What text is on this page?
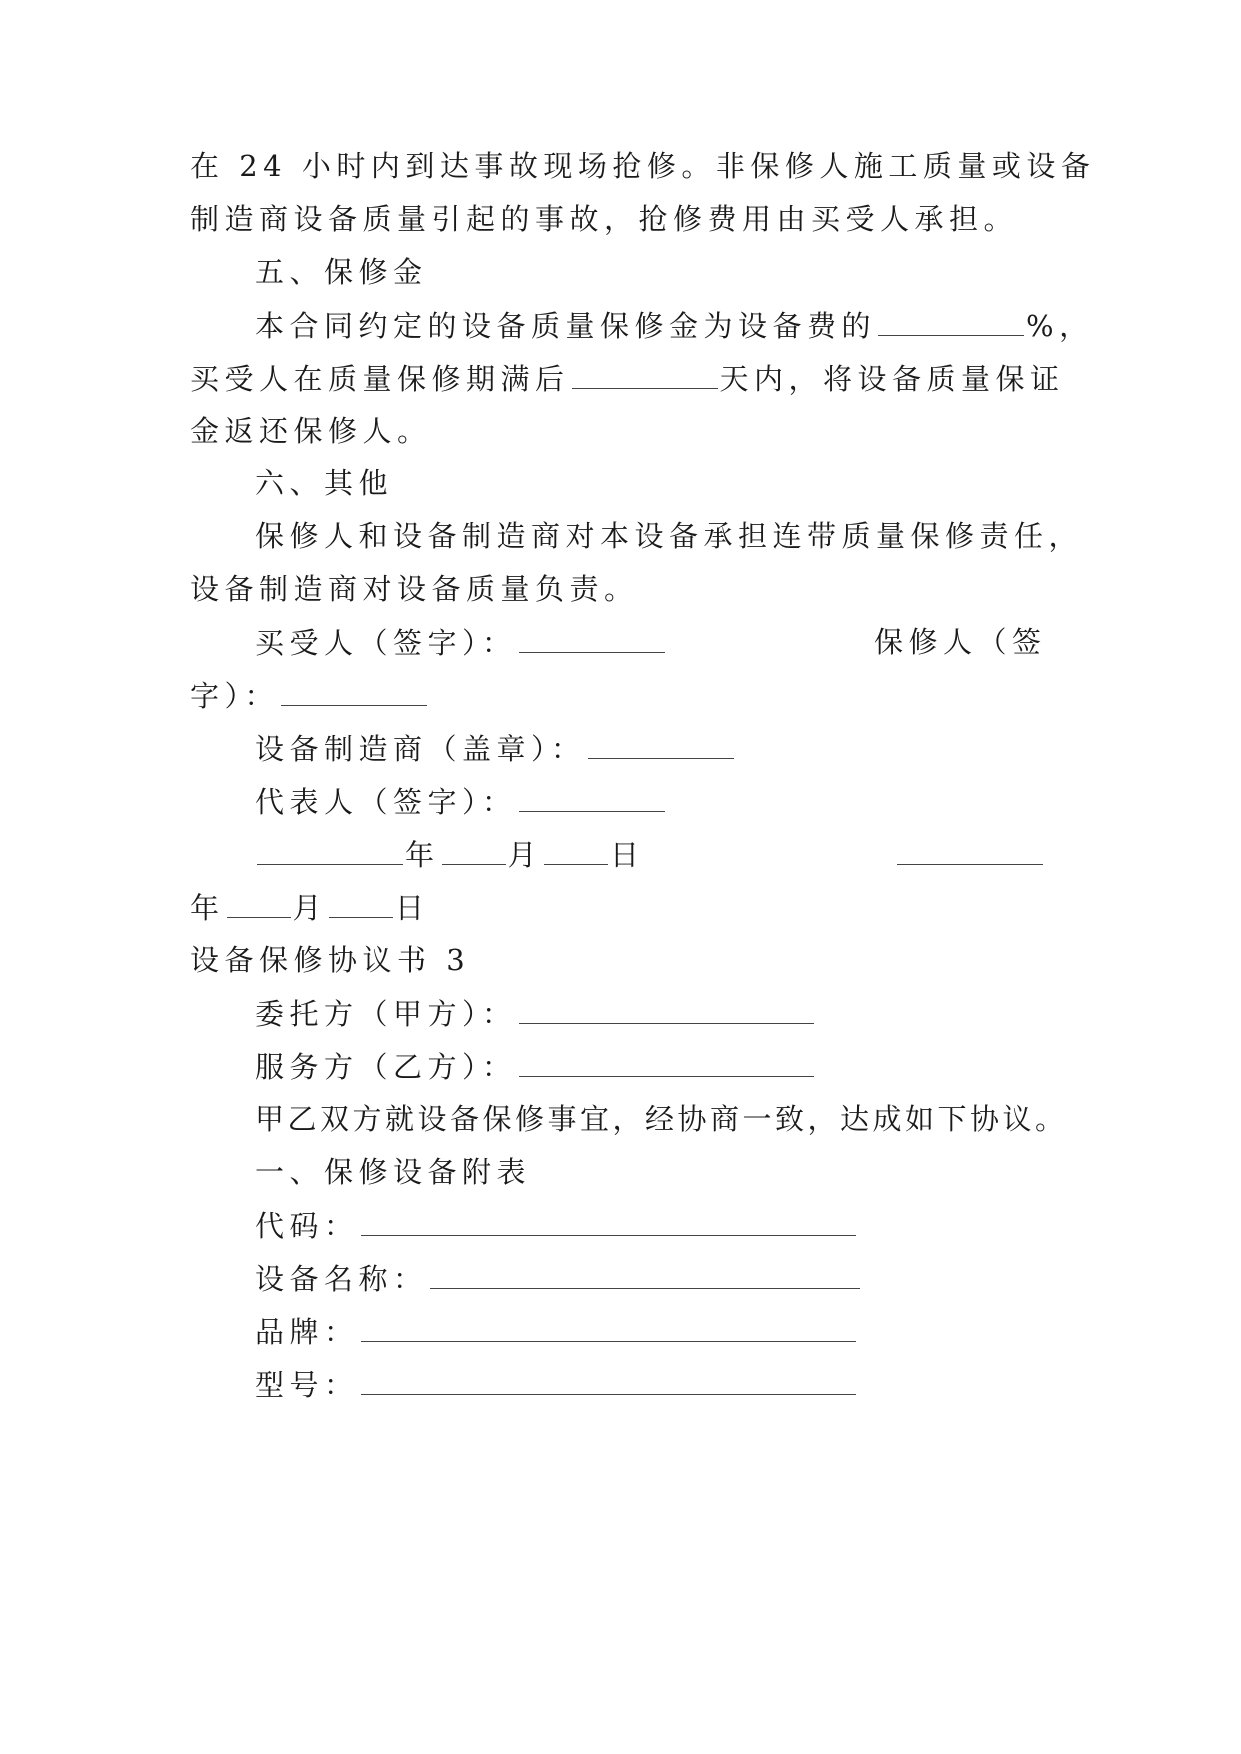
在 24 小时内到达事故现场抢修。非保修人施工质量或设备
制造商设备质量引起的事故，抢修费用由买受人承担。
五、保修金
本合同约定的设备质量保修金为设备费的	%，
买受人在质量保修期满后	天内，将设备质量保证
金返还保修人。
六、其他
保修人和设备制造商对本设备承担连带质量保修责任，
设备制造商对设备质量负责。
买受人（签字）：	保修人（签
字）：
设备制造商（盖章）：
代表人（签字）：
年 月 日
年 月 日
设备保修协议书 3
委托方（甲方）：
服务方（乙方）：
甲乙双方就设备保修事宜，经协商一致，达成如下协议。
一、保修设备附表
代码：
设备名称：
品牌：
型号：
